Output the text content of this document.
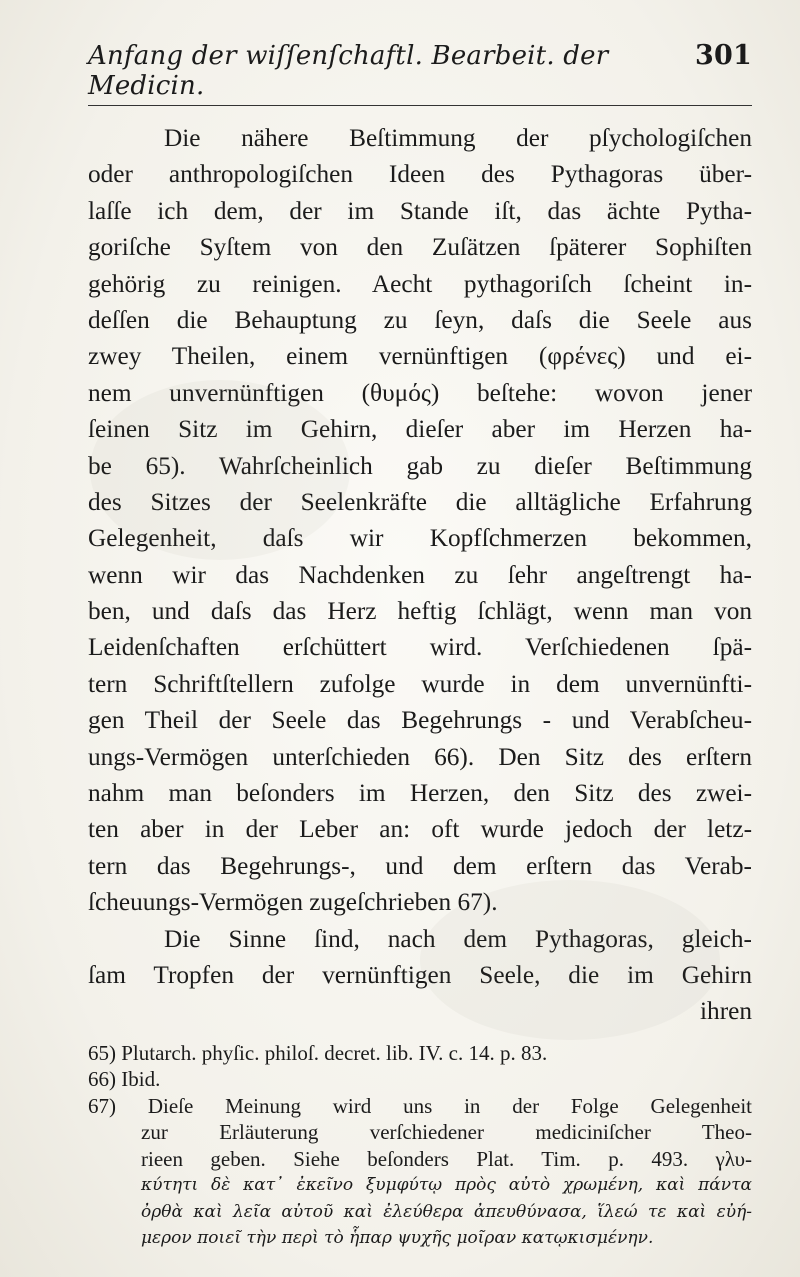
Anfang der wiſſenſchaftl. Bearbeit. der Medicin.
301
Die nähere Beſtimmung der pſychologiſchen
oder anthropologiſchen Ideen des Pythagoras über-
laſſe ich dem, der im Stande iſt, das ächte Pytha-
goriſche Syſtem von den Zuſätzen ſpäterer Sophiſten
gehörig zu reinigen. Aecht pythagoriſch ſcheint in-
deſſen die Behauptung zu ſeyn, daſs die Seele aus
zwey Theilen, einem vernünftigen (φρένες) und ei-
nem unvernünftigen (θυμός) beſtehe: wovon jener
ſeinen Sitz im Gehirn, dieſer aber im Herzen ha-
be 65). Wahrſcheinlich gab zu dieſer Beſtimmung
des Sitzes der Seelenkräfte die alltägliche Erfahrung
Gelegenheit, daſs wir Kopfſchmerzen bekommen,
wenn wir das Nachdenken zu ſehr angeſtrengt ha-
ben, und daſs das Herz heftig ſchlägt, wenn man von
Leidenſchaften erſchüttert wird. Verſchiedenen ſpä-
tern Schriftſtellern zufolge wurde in dem unvernünfti-
gen Theil der Seele das Begehrungs - und Verabſcheu-
ungs-Vermögen unterſchieden 66). Den Sitz des erſtern
nahm man beſonders im Herzen, den Sitz des zwei-
ten aber in der Leber an: oft wurde jedoch der letz-
tern das Begehrungs-, und dem erſtern das Verab-
ſcheuungs-Vermögen zugeſchrieben 67).
Die Sinne ſind, nach dem Pythagoras, gleich-
ſam Tropfen der vernünftigen Seele, die im Gehirn
ihren
65) Plutarch. phyſic. philoſ. decret. lib. IV. c. 14. p. 83.
66) Ibid.
67) Dieſe Meinung wird uns in der Folge Gelegenheit
zur Erläuterung verſchiedener mediciniſcher Theo-
rieen geben. Siehe beſonders Plat. Tim. p. 493. γλυ-
κύτητι δὲ κατ᾽ ἐκεῖνο ξυμφύτῳ πρὸς αὐτὸ χρωμένη, καὶ πάντα
ὀρθὰ καὶ λεῖα αὐτοῦ καὶ ἐλεύθερα ἀπευθύνασα, ἵλεώ τε καὶ εὐή-
μερον ποιεῖ τὴν περὶ τὸ ἧπαρ ψυχῆς μοῖραν κατῳκισμένην.
